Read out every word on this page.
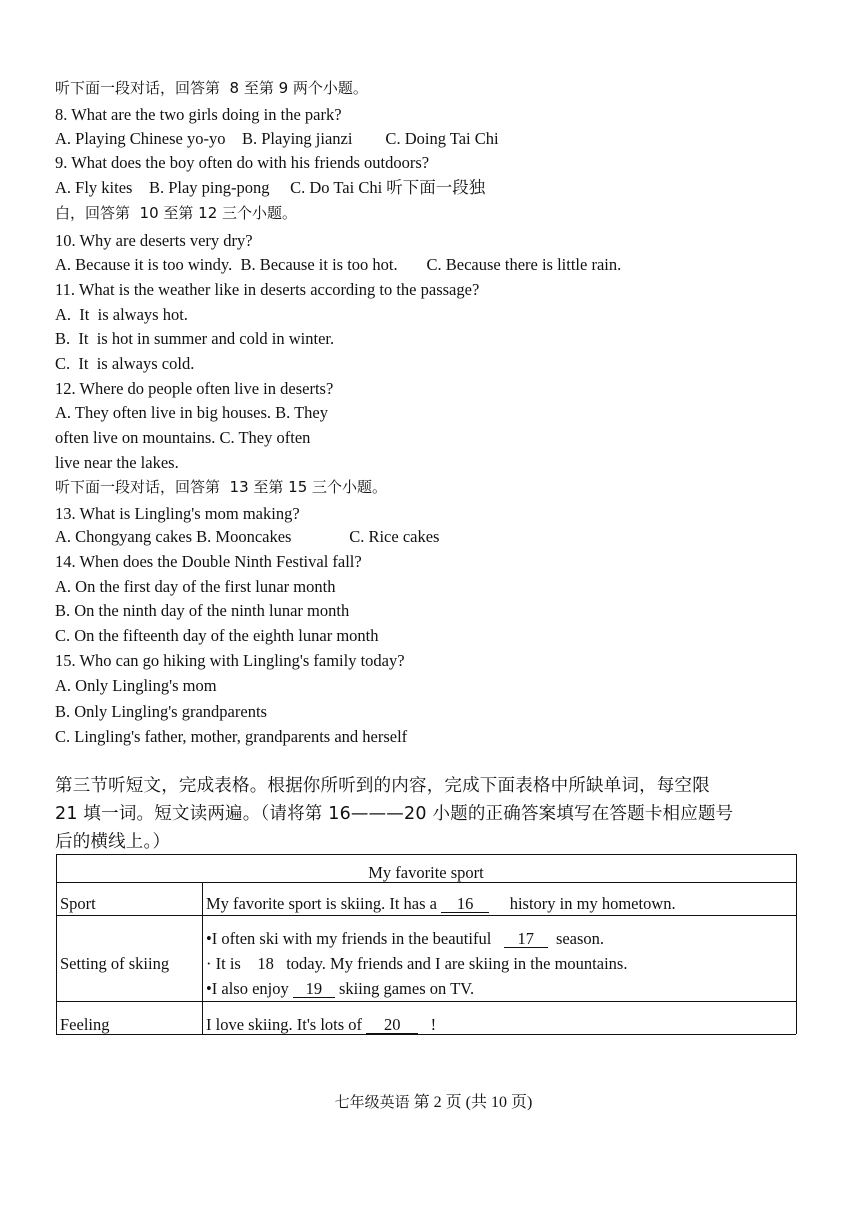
听下面一段对话，回答第  8 至第 9 两个小题。
8. What are the two girls doing in the park?
A. Playing Chinese yo-yo    B. Playing jianzi        C. Doing Tai Chi
9. What does the boy often do with his friends outdoors?
A. Fly kites    B. Play ping-pong     C. Do Tai Chi 听下面一段独
白，回答第  10 至第 12 三个小题。
10. Why are deserts very dry?
A. Because it is too windy.  B. Because it is too hot.       C. Because there is little rain.
11. What is the weather like in deserts according to the passage?
A.  It  is always hot.
B.  It  is hot in summer and cold in winter.
C.  It  is always cold.
12. Where do people often live in deserts?
A. They often live in big houses. B. They
often live on mountains. C. They often
live near the lakes.
听下面一段对话，回答第  13 至第 15 三个小题。
13. What is Lingling's mom making?
A. Chongyang cakes B. Mooncakes              C. Rice cakes
14. When does the Double Ninth Festival fall?
A. On the first day of the first lunar month
B. On the ninth day of the ninth lunar month
C. On the fifteenth day of the eighth lunar month
15. Who can go hiking with Lingling's family today?
A. Only Lingling's mom
B. Only Lingling's grandparents
C. Lingling's father, mother, grandparents and herself
第三节听短文，完成表格。根据你所听到的内容，完成下面表格中所缺单词，每空限
21 填一词。短文读两遍。（请将第 16———20 小题的正确答案填写在答题卡相应题号
后的横线上。）
My favorite sport
Sport	My favorite sport is skiing. It has a 16     history in my hometown.
Setting of skiing
•I often ski with my friends in the beautiful   17  season.
· It is    18   today. My friends and I are skiing in the mountains.
•I also enjoy 19 skiing games on TV.
Feeling	I love skiing. It's lots of 20   !
七年级英语 第 2 页 (共 10 页)
